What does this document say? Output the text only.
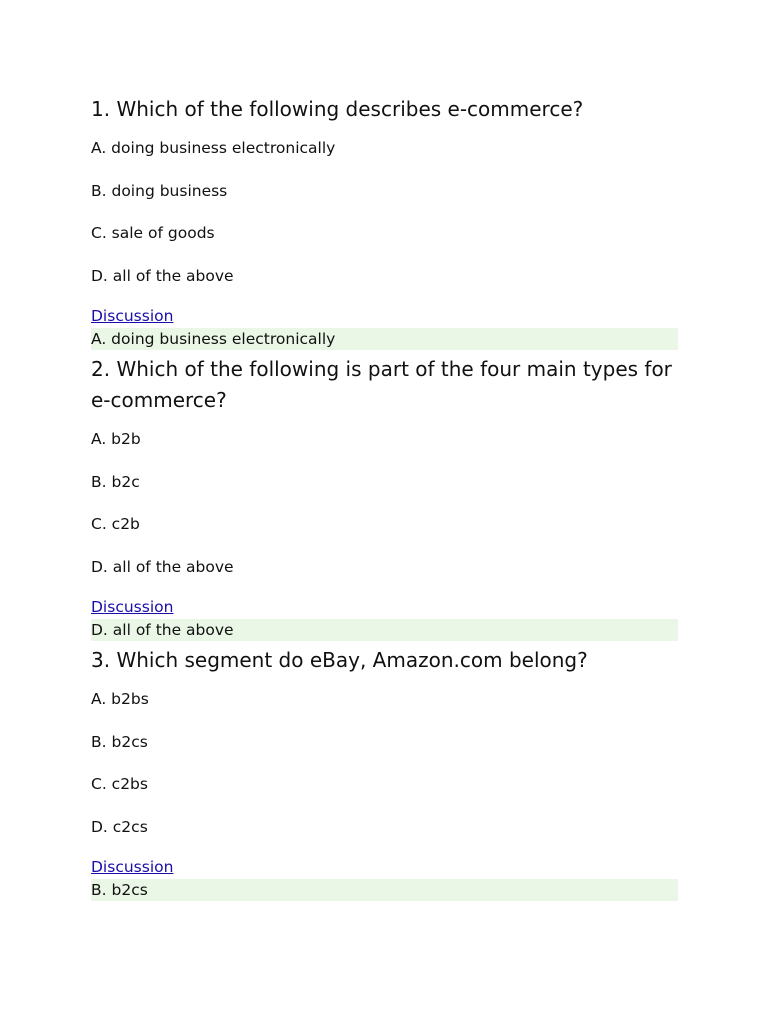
1. Which of the following describes e-commerce?
A. doing business electronically
B. doing business
C. sale of goods
D. all of the above
Discussion
A. doing business electronically
2. Which of the following is part of the four main types for e-commerce?
A. b2b
B. b2c
C. c2b
D. all of the above
Discussion
D. all of the above
3. Which segment do eBay, Amazon.com belong?
A. b2bs
B. b2cs
C. c2bs
D. c2cs
Discussion
B. b2cs
